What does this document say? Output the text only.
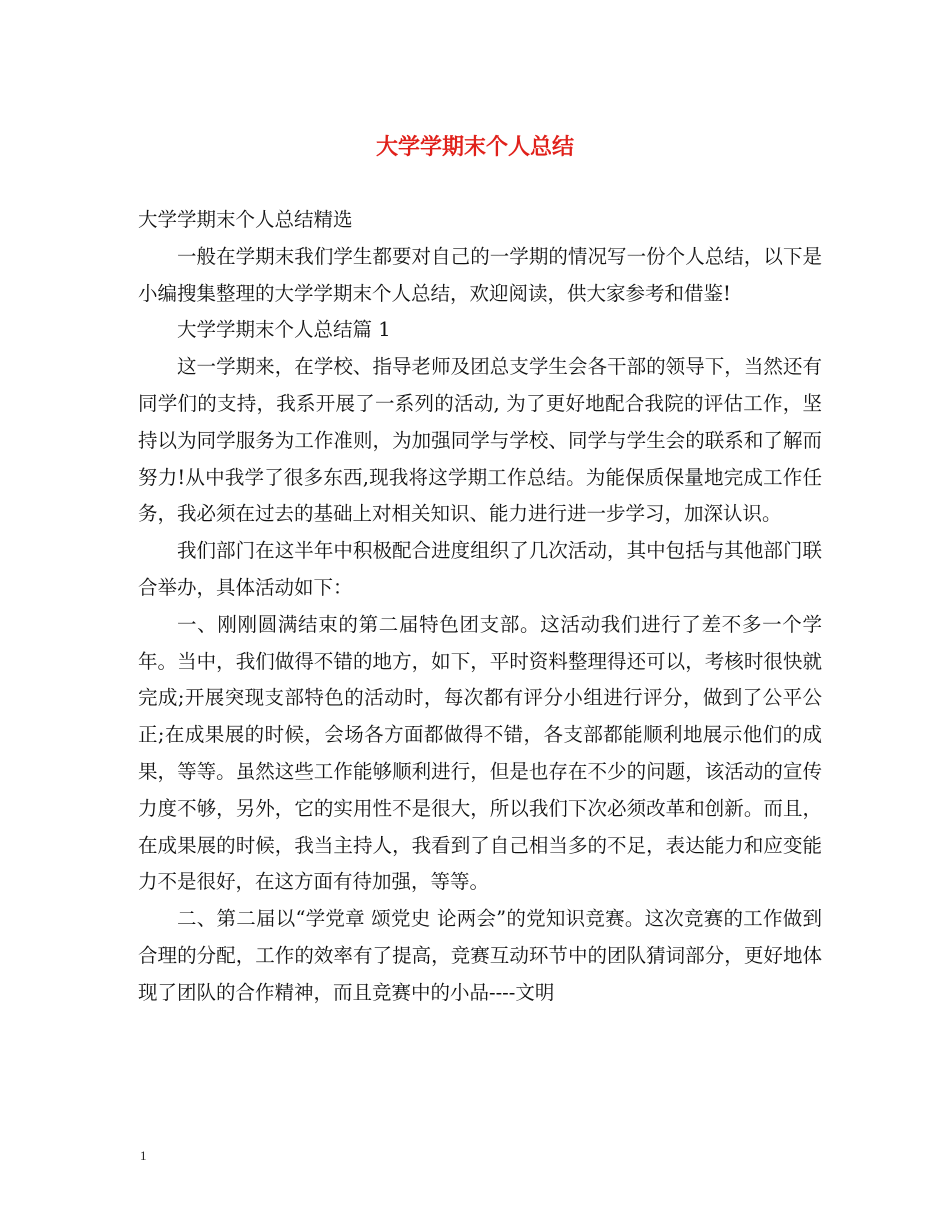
大学学期末个人总结

大学学期末个人总结精选

一般在学期末我们学生都要对自己的一学期的情况写一份个人总结，以下是小编搜集整理的大学学期末个人总结，欢迎阅读，供大家参考和借鉴!

大学学期末个人总结篇 1

这一学期来，在学校、指导老师及团总支学生会各干部的领导下，当然还有同学们的支持，我系开展了一系列的活动, 为了更好地配合我院的评估工作，坚持以为同学服务为工作准则，为加强同学与学校、同学与学生会的联系和了解而努力!从中我学了很多东西,现我将这学期工作总结。为能保质保量地完成工作任务，我必须在过去的基础上对相关知识、能力进行进一步学习，加深认识。

我们部门在这半年中积极配合进度组织了几次活动，其中包括与其他部门联合举办，具体活动如下：

一、刚刚圆满结束的第二届特色团支部。这活动我们进行了差不多一个学年。当中，我们做得不错的地方，如下，平时资料整理得还可以，考核时很快就完成;开展突现支部特色的活动时，每次都有评分小组进行评分，做到了公平公正;在成果展的时候，会场各方面都做得不错，各支部都能顺利地展示他们的成果，等等。虽然这些工作能够顺利进行，但是也存在不少的问题，该活动的宣传力度不够，另外，它的实用性不是很大，所以我们下次必须改革和创新。而且，在成果展的时候，我当主持人，我看到了自己相当多的不足，表达能力和应变能力不是很好，在这方面有待加强，等等。

二、第二届以“学党章 颂党史 论两会”的党知识竞赛。这次竞赛的工作做到合理的分配，工作的效率有了提高，竞赛互动环节中的团队猜词部分，更好地体现了团队的合作精神，而且竞赛中的小品----文明

1
